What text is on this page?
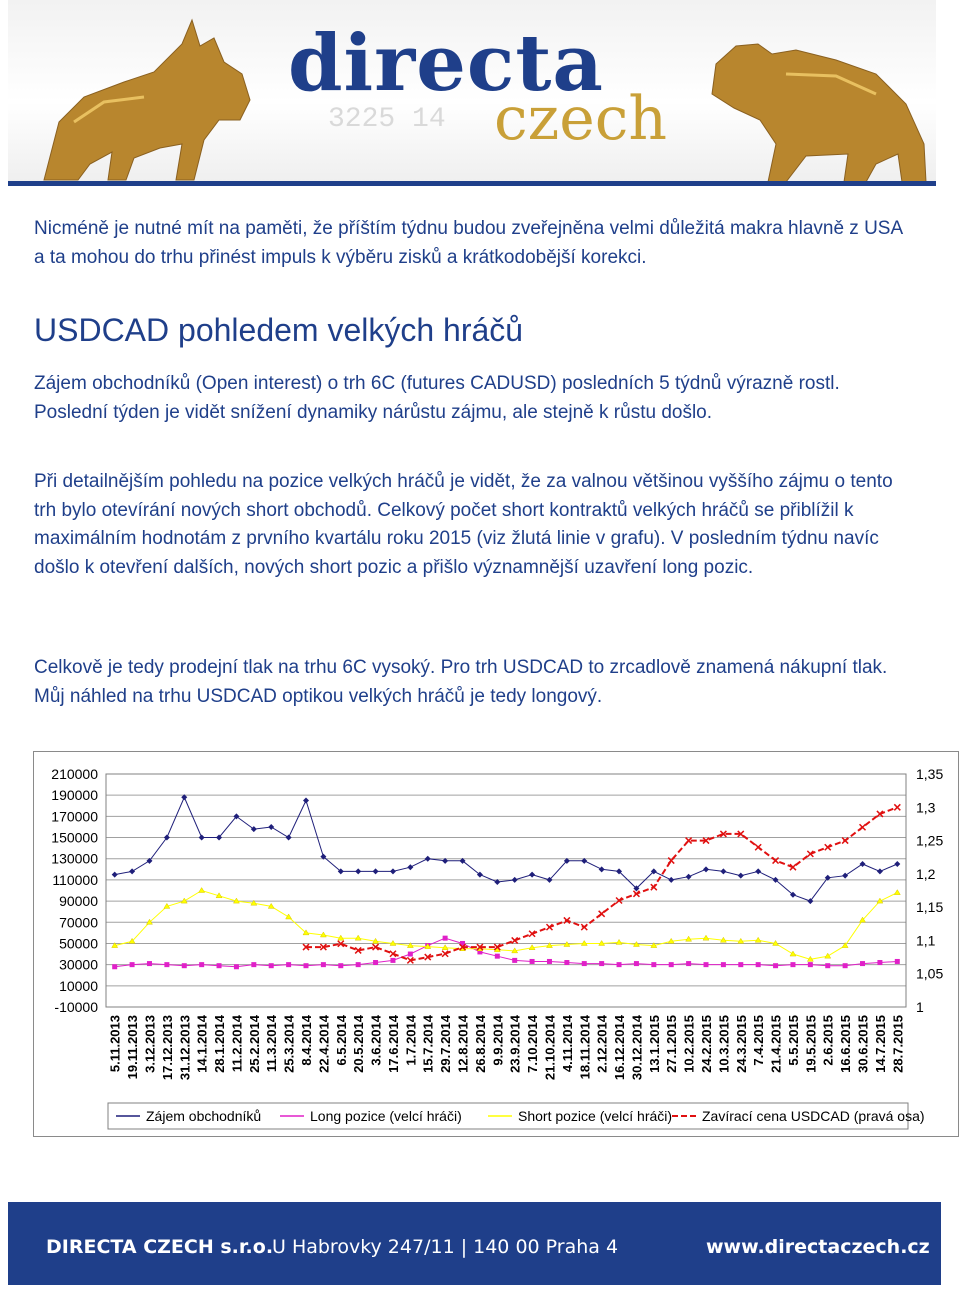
3225 14
directa
czech

Nicméně je nutné mít na paměti, že příštím týdnu budou zveřejněna velmi důležitá makra hlavně z USA a ta mohou do trhu přinést impuls k výběru zisků a krátkodobější korekci.

USDCAD pohledem velkých hráčů

Zájem obchodníků (Open interest) o trh 6C (futures CADUSD) posledních 5 týdnů výrazně rostl. Poslední týden je vidět snížení dynamiky nárůstu zájmu, ale stejně k růstu došlo.

Při detailnějším pohledu na pozice velkých hráčů je vidět, že za valnou většinou vyššího zájmu o tento trh bylo otevírání nových short obchodů. Celkový počet short kontraktů velkých hráčů se přiblížil k maximálním hodnotám z prvního kvartálu roku 2015 (viz žlutá linie v grafu). V posledním týdnu navíc došlo k otevření dalších, nových short pozic a přišlo významnější uzavření long pozic.

Celkově je tedy prodejní tlak na trhu 6C vysoký. Pro trh USDCAD to zrcadlově znamená nákupní tlak. Můj náhled na trhu USDCAD optikou velkých hráčů je tedy longový.

210000
190000
170000
150000
130000
110000
90000
70000
50000
30000
10000
-10000
1,35
1,3
1,25
1,2
1,15
1,1
1,05
1
5.11.2013 19.11.2013 3.12.2013 17.12.2013 31.12.2013 14.1.2014 28.1.2014 11.2.2014 25.2.2014 11.3.2014 25.3.2014 8.4.2014 22.4.2014 6.5.2014 20.5.2014 3.6.2014 17.6.2014 1.7.2014 15.7.2014 29.7.2014 12.8.2014 26.8.2014 9.9.2014 23.9.2014 7.10.2014 21.10.2014 4.11.2014 18.11.2014 2.12.2014 16.12.2014 30.12.2014 13.1.2015 27.1.2015 10.2.2015 24.2.2015 10.3.2015 24.3.2015 7.4.2015 21.4.2015 5.5.2015 19.5.2015 2.6.2015 16.6.2015 30.6.2015 14.7.2015 28.7.2015
Zájem obchodníků	Long pozice (velcí hráči)	Short pozice (velcí hráči) Zavírací cena USDCAD (pravá osa)
DIRECTA CZECH s.r.o.
U Habrovky 247/11 | 140 00 Praha 4	www.directaczech.cz
